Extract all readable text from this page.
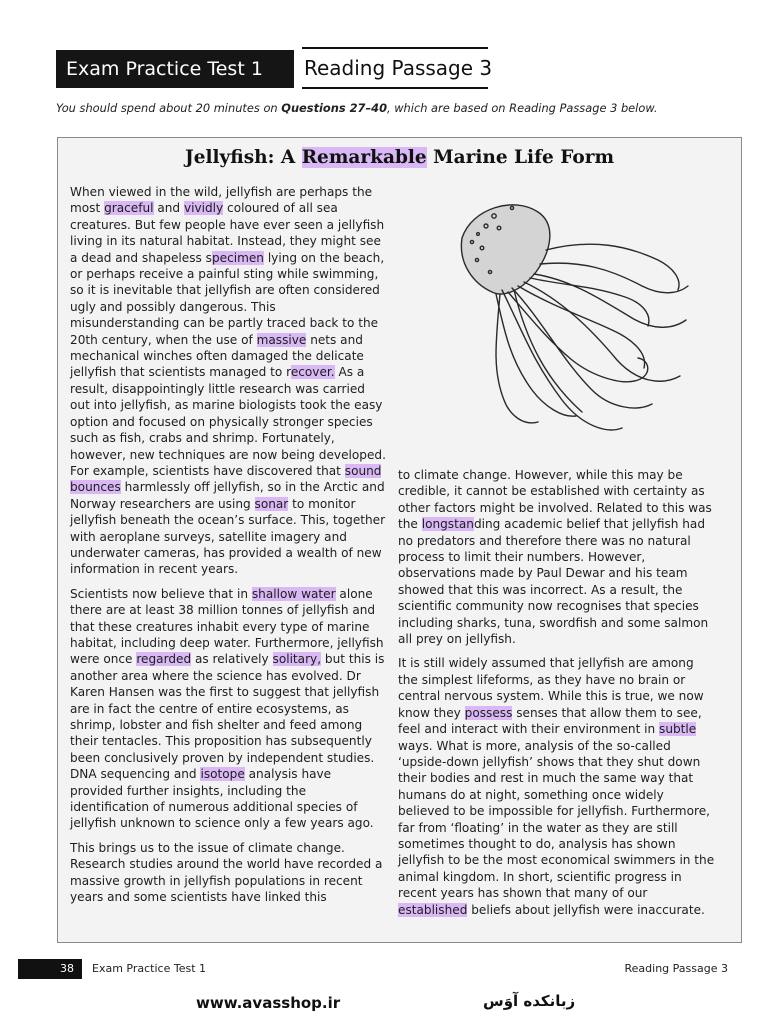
Exam Practice Test 1	Reading Passage 3
You should spend about 20 minutes on Questions 27–40, which are based on Reading Passage 3 below.
Jellyfish: A Remarkable Marine Life Form

When viewed in the wild, jellyfish are perhaps the most graceful and vividly coloured of all sea creatures. But few people have ever seen a jellyfish living in its natural habitat. Instead, they might see a dead and shapeless specimen lying on the beach, or perhaps receive a painful sting while swimming, so it is inevitable that jellyfish are often considered ugly and possibly dangerous. This misunderstanding can be partly traced back to the 20th century, when the use of massive nets and mechanical winches often damaged the delicate jellyfish that scientists managed to recover. As a result, disappointingly little research was carried out into jellyfish, as marine biologists took the easy option and focused on physically stronger species such as fish, crabs and shrimp. Fortunately, however, new techniques are now being developed. For example, scientists have discovered that sound bounces harmlessly off jellyfish, so in the Arctic and Norway researchers are using sonar to monitor jellyfish beneath the ocean’s surface. This, together with aeroplane surveys, satellite imagery and underwater cameras, has provided a wealth of new information in recent years.

Scientists now believe that in shallow water alone there are at least 38 million tonnes of jellyfish and that these creatures inhabit every type of marine habitat, including deep water. Furthermore, jellyfish were once regarded as relatively solitary, but this is another area where the science has evolved. Dr Karen Hansen was the first to suggest that jellyfish are in fact the centre of entire ecosystems, as shrimp, lobster and fish shelter and feed among their tentacles. This proposition has subsequently been conclusively proven by independent studies. DNA sequencing and isotope analysis have provided further insights, including the identification of numerous additional species of jellyfish unknown to science only a few years ago.

This brings us to the issue of climate change. Research studies around the world have recorded a massive growth in jellyfish populations in recent years and some scientists have linked this

to climate change. However, while this may be credible, it cannot be established with certainty as other factors might be involved. Related to this was the longstanding academic belief that jellyfish had no predators and therefore there was no natural process to limit their numbers. However, observations made by Paul Dewar and his team showed that this was incorrect. As a result, the scientific community now recognises that species including sharks, tuna, swordfish and some salmon all prey on jellyfish.

It is still widely assumed that jellyfish are among the simplest lifeforms, as they have no brain or central nervous system. While this is true, we now know they possess senses that allow them to see, feel and interact with their environment in subtle ways. What is more, analysis of the so-called ‘upside-down jellyfish’ shows that they shut down their bodies and rest in much the same way that humans do at night, something once widely believed to be impossible for jellyfish. Furthermore, far from ‘floating’ in the water as they are still sometimes thought to do, analysis has shown jellyfish to be the most economical swimmers in the animal kingdom. In short, scientific progress in recent years has shown that many of our established beliefs about jellyfish were inaccurate.

38	Exam Practice Test 1	Reading Passage 3
www.avasshop.ir	زبانکده آوَس
